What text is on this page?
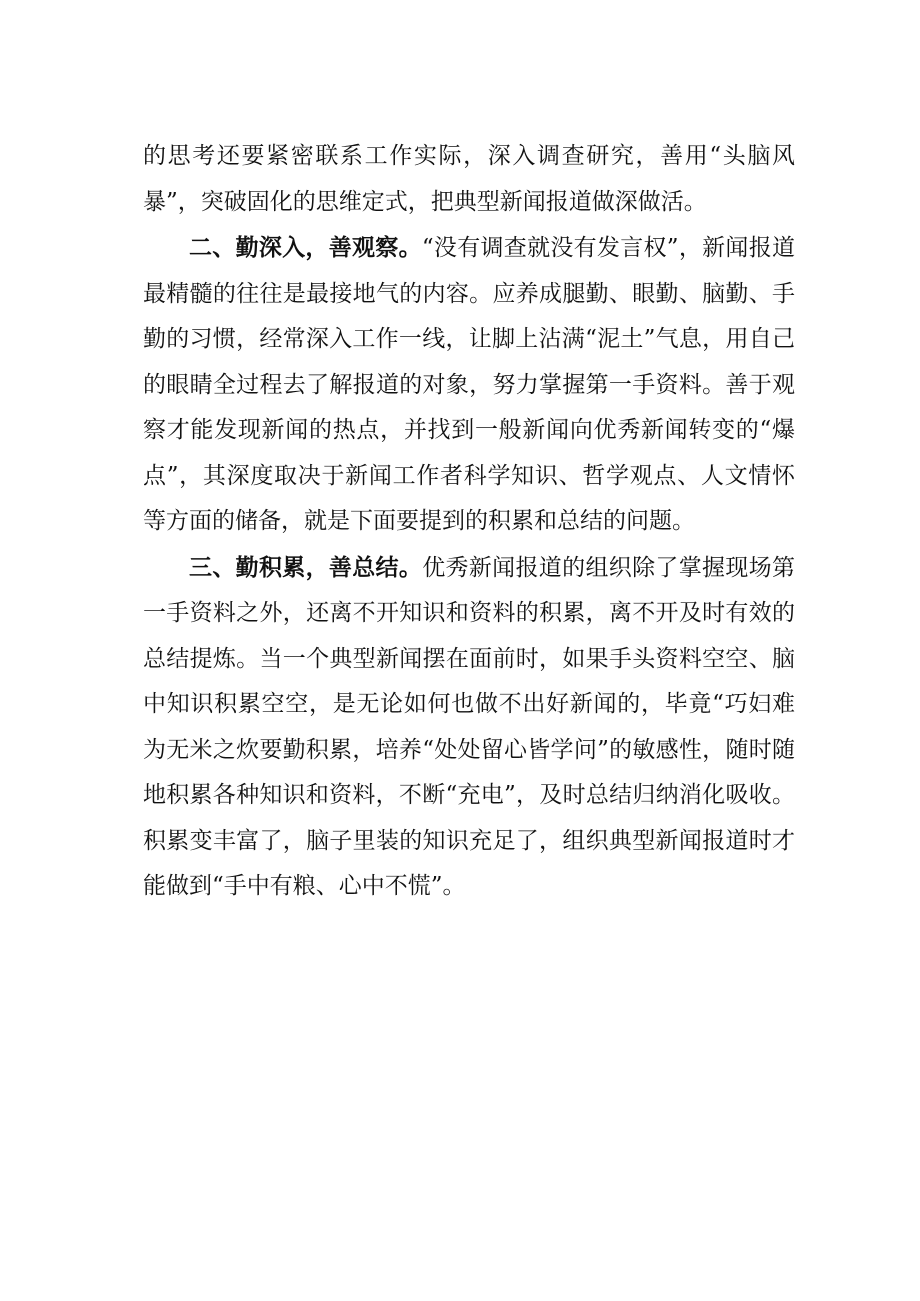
的思考还要紧密联系工作实际，深入调查研究，善用“头脑风暴”，突破固化的思维定式，把典型新闻报道做深做活。

二、勤深入，善观察。“没有调查就没有发言权”，新闻报道最精髓的往往是最接地气的内容。应养成腿勤、眼勤、脑勤、手勤的习惯，经常深入工作一线，让脚上沾满“泥土”气息，用自己的眼睛全过程去了解报道的对象，努力掌握第一手资料。善于观察才能发现新闻的热点，并找到一般新闻向优秀新闻转变的“爆点”，其深度取决于新闻工作者科学知识、哲学观点、人文情怀等方面的储备，就是下面要提到的积累和总结的问题。

三、勤积累，善总结。优秀新闻报道的组织除了掌握现场第一手资料之外，还离不开知识和资料的积累，离不开及时有效的总结提炼。当一个典型新闻摆在面前时，如果手头资料空空、脑中知识积累空空，是无论如何也做不出好新闻的，毕竟“巧妇难为无米之炊要勤积累，培养“处处留心皆学问”的敏感性，随时随地积累各种知识和资料，不断“充电”，及时总结归纳消化吸收。积累变丰富了，脑子里装的知识充足了，组织典型新闻报道时才能做到“手中有粮、心中不慌”。
